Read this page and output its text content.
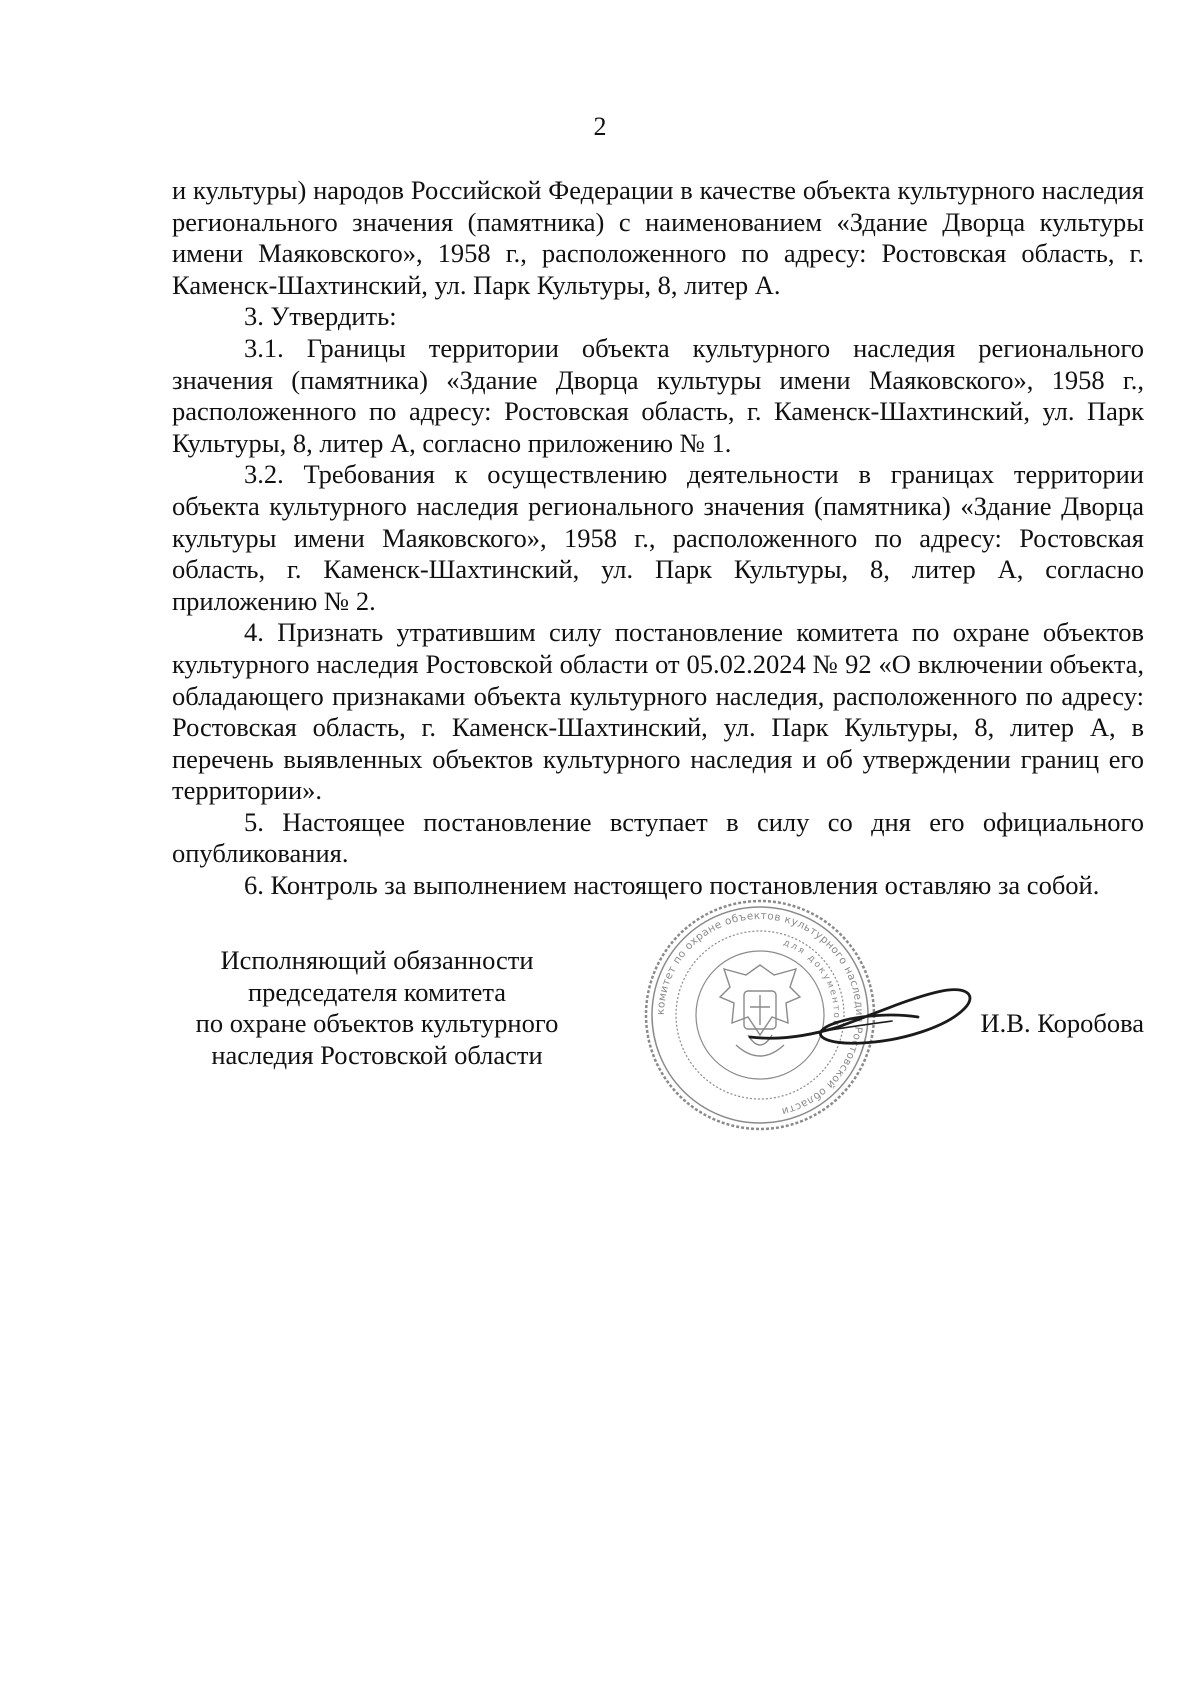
2

и культуры) народов Российской Федерации в качестве объекта культурного наследия регионального значения (памятника) с наименованием «Здание Дворца культуры имени Маяковского», 1958 г., расположенного по адресу: Ростовская область, г. Каменск-Шахтинский, ул. Парк Культуры, 8, литер А.

3. Утвердить:

3.1. Границы территории объекта культурного наследия регионального значения (памятника) «Здание Дворца культуры имени Маяковского», 1958 г., расположенного по адресу: Ростовская область, г. Каменск-Шахтинский, ул. Парк Культуры, 8, литер А, согласно приложению № 1.

3.2. Требования к осуществлению деятельности в границах территории объекта культурного наследия регионального значения (памятника) «Здание Дворца культуры имени Маяковского», 1958 г., расположенного по адресу: Ростовская область, г. Каменск-Шахтинский, ул. Парк Культуры, 8, литер А, согласно приложению № 2.

4. Признать утратившим силу постановление комитета по охране объектов культурного наследия Ростовской области от 05.02.2024 № 92 «О включении объекта, обладающего признаками объекта культурного наследия, расположенного по адресу: Ростовская область, г. Каменск-Шахтинский, ул. Парк Культуры, 8, литер А, в перечень выявленных объектов культурного наследия и об утверждении границ его территории».

5. Настоящее постановление вступает в силу со дня его официального опубликования.

6. Контроль за выполнением настоящего постановления оставляю за собой.

Исполняющий обязанности
председателя комитета
по охране объектов культурного
наследия Ростовской области
комитет по охране объектов культурного наследия Ростовской области
для документов	И.В. Коробова
